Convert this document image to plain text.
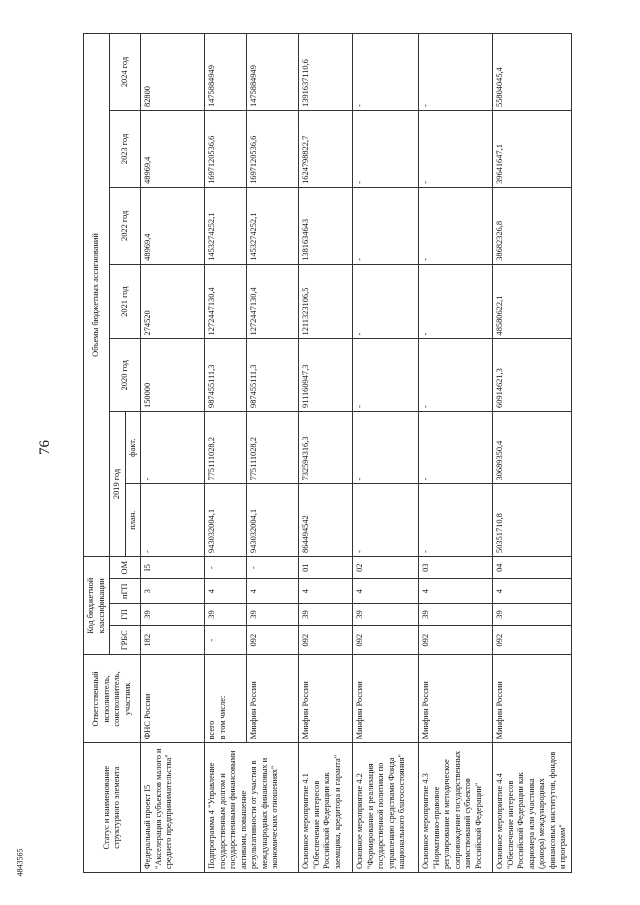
76
4843565
Статус и наименование структурного элемента	Ответственный исполнитель, соисполнитель, участник	Код бюджетной классификации				Объемы бюджетных ассигнований						
		ГРБС	ГП	пГП	ОМ	2019 год		2020 год	2021 год	2022 год	2023 год	2024 год
						план.	факт.					
Федеральный проект I5 "Акселерация субъектов малого и среднего предпринимательства"	ФНС России	182	39	3	I5	-	-	150000	274520	48969,4	48969,4	82800
Подпрограмма 4 "Управление государственным долгом и государственными финансовыми активами, повышение результативности от участия в международных финансовых и экономических отношениях"	всего в том числе:	-	39	4	-	943032004,1	775111028,2	987455111,3	1272447130,4	1453274252,1	1697120536,6	1475884949
	Минфин России	092	39	4	-	943032004,1	775111028,2	987455111,3	1272447130,4	1453274252,1	1697120536,6	1475884949
Основное мероприятие 4.1 "Обеспечение интересов Российской Федерации как заемщика, кредитора и гаранта"	Минфин России	092	39	4	01	864494542	732594316,3	911160947,3	1211323106,5	1381634643	1624798822,7	1391637110,6
Основное мероприятие 4.2 "Формирование и реализация государственной политики по управлению средствами Фонда национального благосостояния"	Минфин России	092	39	4	02	-	-	-	-	-	-	-
Основное мероприятие 4.3 "Нормативно-правовое регулирование и методическое сопровождение государственных заимствований субъектов Российской Федерации"	Минфин России	092	39	4	03	-	-	-	-	-	-	-
Основное мероприятие 4.4 "Обеспечение интересов Российской Федерации как акционера или участника (донора) международных финансовых институтов, фондов и программ"	Минфин России	092	39	4	04	50351710,8	30689350,4	60914621,3	48580622,1	38682326,8	39641647,1	55804045,4
